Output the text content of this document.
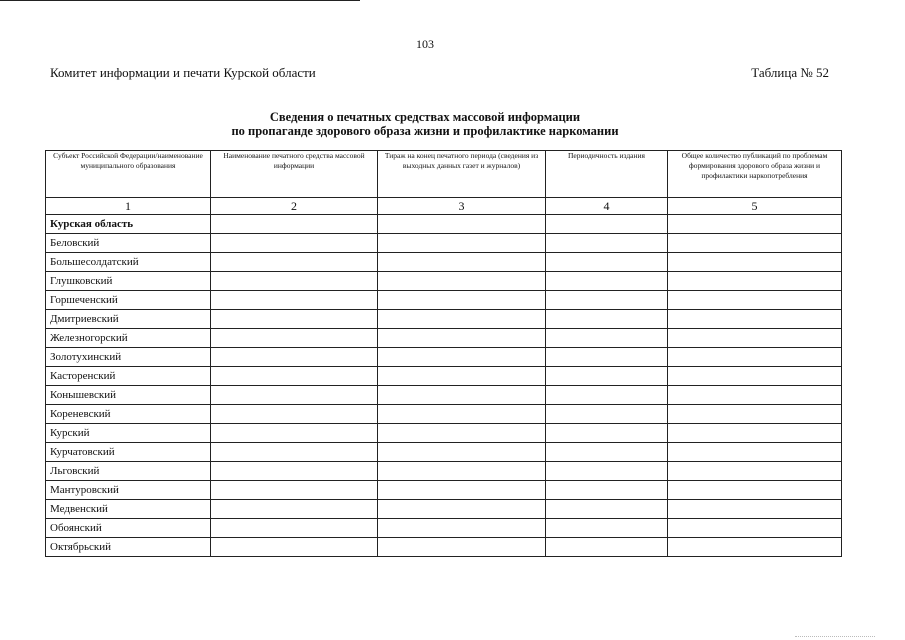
103
Комитет информации и печати Курской области	Таблица № 52
Сведения о печатных средствах массовой информации
по пропаганде здорового образа жизни и профилактике наркомании
Субъект Российской Федерации/наименование муниципального образования	Наименование печатного средства массовой информации	Тираж на конец печатного периода (сведения из выходных данных газет и журналов)	Периодичность издания	Общее количество публикаций по проблемам формирования здорового образа жизни и профилактики наркопотребления
1	2	3	4	5
Курская область				
Беловский				
Большесолдатский				
Глушковский				
Горшеченский				
Дмитриевский				
Железногорский				
Золотухинский				
Касторенский				
Конышевский				
Кореневский				
Курский				
Курчатовский				
Льговский				
Мантуровский				
Медвенский				
Обоянский				
Октябрьский				
